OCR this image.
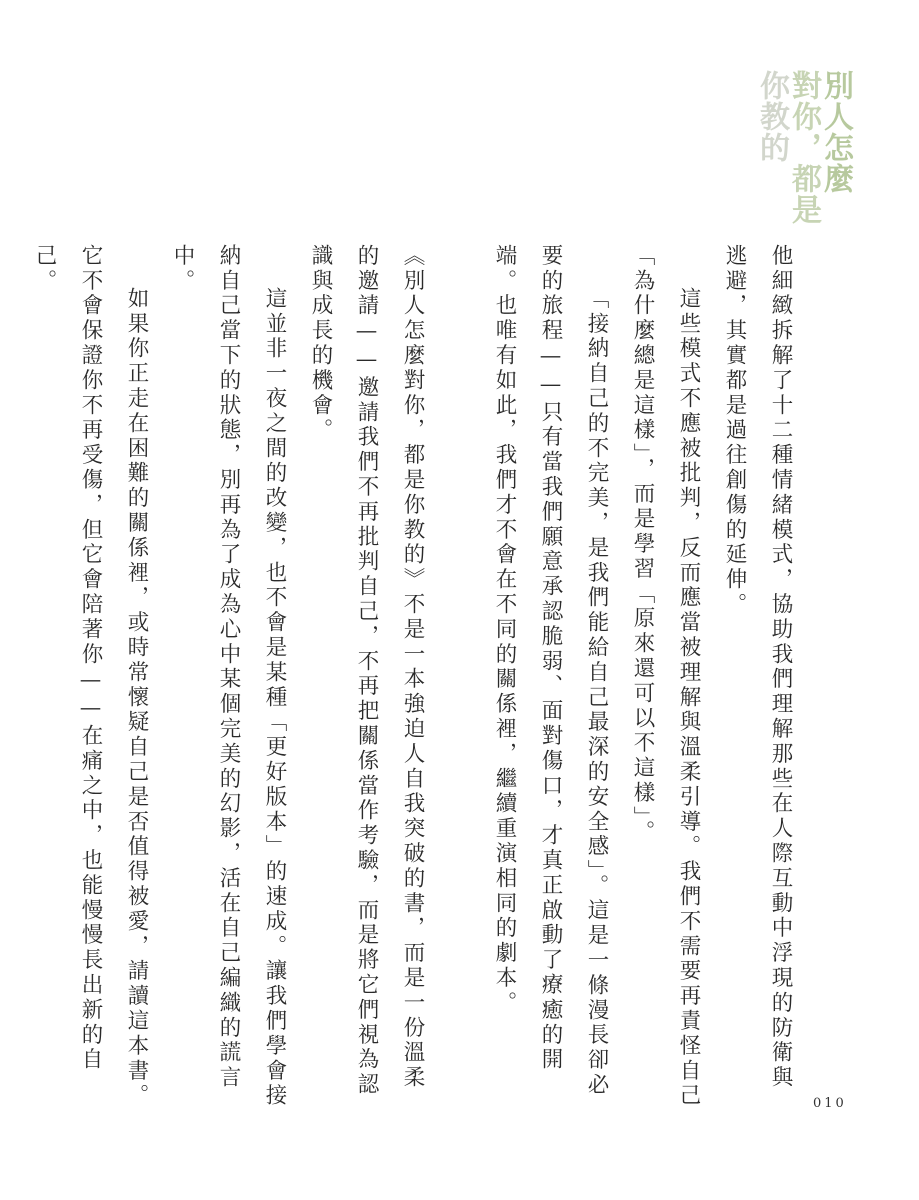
別人怎麼
對你，都是
你教的

他細緻拆解了十二種情緒模式，協助我們理解那些在人際互動中浮現的防衛與逃避，其實都是過往創傷的延伸。

這些模式不應被批判，反而應當被理解與溫柔引導。我們不需要再責怪自己「為什麼總是這樣」，而是學習「原來還可以不這樣」。

「接納自己的不完美，是我們能給自己最深的安全感」。這是一條漫長卻必要的旅程——只有當我們願意承認脆弱、面對傷口，才真正啟動了療癒的開端。也唯有如此，我們才不會在不同的關係裡，繼續重演相同的劇本。

《別人怎麼對你，都是你教的》不是一本強迫人自我突破的書，而是一份溫柔的邀請——邀請我們不再批判自己，不再把關係當作考驗，而是將它們視為認識與成長的機會。

這並非一夜之間的改變，也不會是某種「更好版本」的速成。讓我們學會接納自己當下的狀態，別再為了成為心中某個完美的幻影，活在自己編織的謊言中。

如果你正走在困難的關係裡，或時常懷疑自己是否值得被愛，請讀這本書。它不會保證你不再受傷，但它會陪著你——在痛之中，也能慢慢長出新的自己。

010
